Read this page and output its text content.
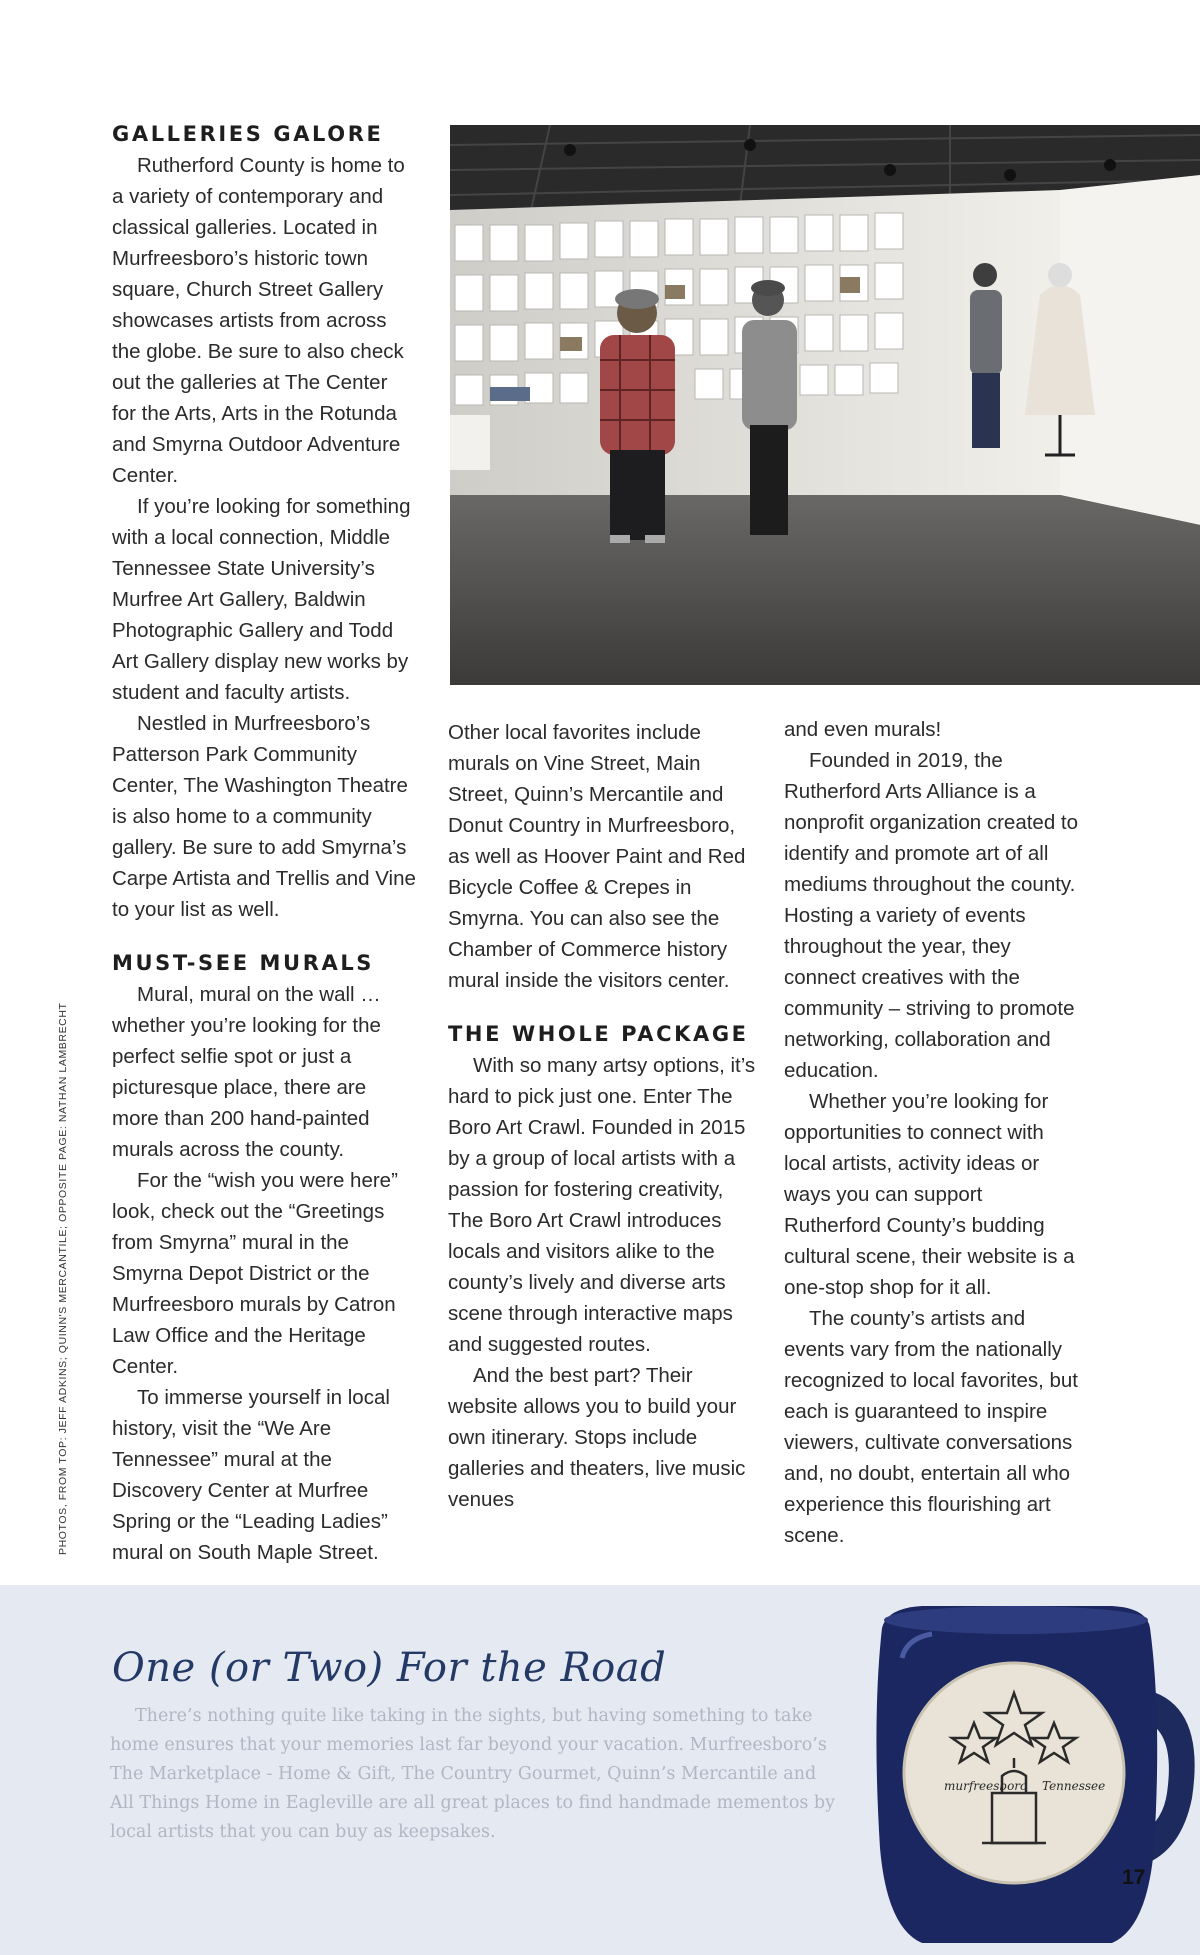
PHOTOS, FROM TOP: JEFF ADKINS; QUINN'S MERCANTILE; OPPOSITE PAGE: NATHAN LAMBRECHT
GALLERIES GALORE

Rutherford County is home to a variety of contemporary and classical galleries. Located in Murfreesboro’s historic town square, Church Street Gallery showcases artists from across the globe. Be sure to also check out the galleries at The Center for the Arts, Arts in the Rotunda and Smyrna Outdoor Adventure Center.

If you’re looking for something with a local connection, Middle Tennessee State University’s Murfree Art Gallery, Baldwin Photographic Gallery and Todd Art Gallery display new works by student and faculty artists.

Nestled in Murfreesboro’s Patterson Park Community Center, The Washington Theatre is also home to a community gallery. Be sure to add Smyrna’s Carpe Artista and Trellis and Vine to your list as well.

MUST-SEE MURALS

Mural, mural on the wall … whether you’re looking for the perfect selfie spot or just a picturesque place, there are more than 200 hand-painted murals across the county.

For the “wish you were here” look, check out the “Greetings from Smyrna” mural in the Smyrna Depot District or the Murfreesboro murals by Catron Law Office and the Heritage Center.

To immerse yourself in local history, visit the “We Are Tennessee” mural at the Discovery Center at Murfree Spring or the “Leading Ladies” mural on South Maple Street.

Other local favorites include murals on Vine Street, Main Street, Quinn’s Mercantile and Donut Country in Murfreesboro, as well as Hoover Paint and Red Bicycle Coffee & Crepes in Smyrna. You can also see the Chamber of Commerce history mural inside the visitors center.

THE WHOLE PACKAGE

With so many artsy options, it’s hard to pick just one. Enter The Boro Art Crawl. Founded in 2015 by a group of local artists with a passion for fostering creativity, The Boro Art Crawl introduces locals and visitors alike to the county’s lively and diverse arts scene through interactive maps and suggested routes.

And the best part? Their website allows you to build your own itinerary. Stops include galleries and theaters, live music venues

and even murals!

Founded in 2019, the Rutherford Arts Alliance is a nonprofit organization created to identify and promote art of all mediums throughout the county. Hosting a variety of events throughout the year, they connect creatives with the community – striving to promote networking, collaboration and education.

Whether you’re looking for opportunities to connect with local artists, activity ideas or ways you can support Rutherford County’s budding cultural scene, their website is a one-stop shop for it all.

The county’s artists and events vary from the nationally recognized to local favorites, but each is guaranteed to inspire viewers, cultivate conversations and, no doubt, entertain all who experience this flourishing art scene.

One (or Two) For the Road

There’s nothing quite like taking in the sights, but having something to take home ensures that your memories last far beyond your vacation. Murfreesboro’s The Marketplace - Home & Gift, The Country Gourmet, Quinn’s Mercantile and All Things Home in Eagleville are all great places to find handmade mementos by local artists that you can buy as keepsakes.

murfreesboro Tennessee
17
